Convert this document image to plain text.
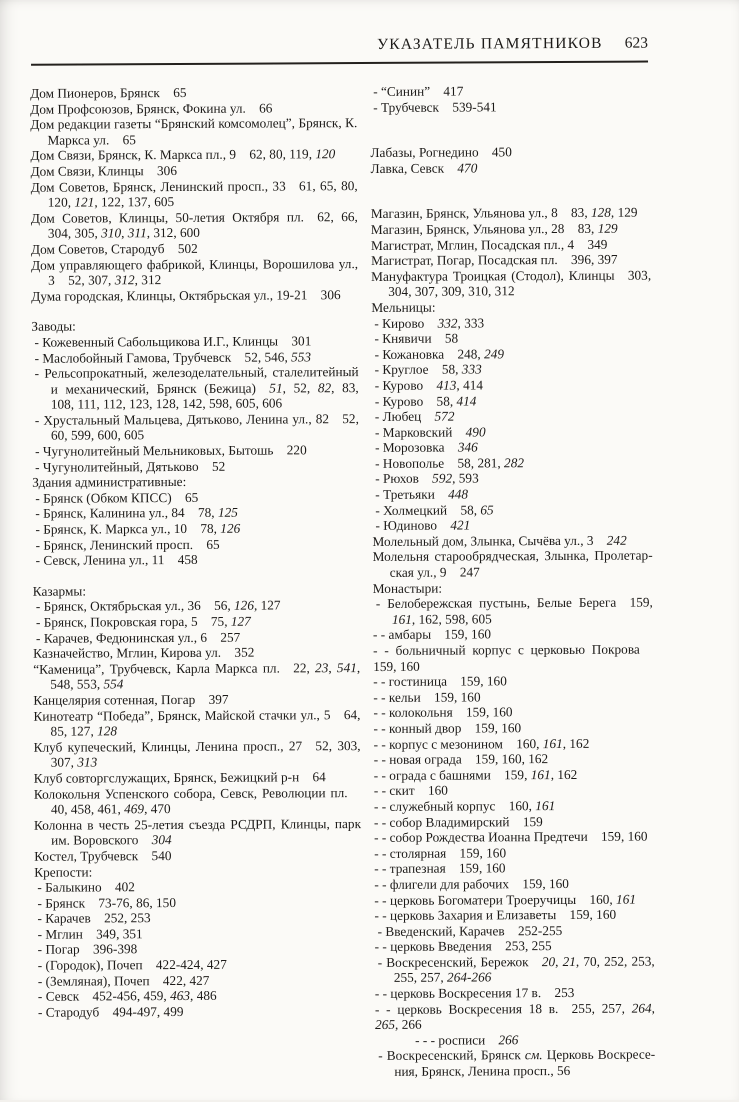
УКАЗАТЕЛЬ ПАМЯТНИКОВ 623
Дом Пионеров, Брянск  65
Дом Профсоюзов, Брянск, Фокина ул.  66
Дом редакции газеты “Брянский комсомолец”, Брянск, К. Маркса ул.  65
Дом Связи, Брянск, К. Маркса пл., 9  62, 80, 119, 120
Дом Связи, Клинцы  306
Дом Советов, Брянск, Ленинский просп., 33  61, 65, 80, 120, 121, 122, 137, 605
Дом Советов, Клинцы, 50-летия Октября пл.  62, 66, 304, 305, 310, 311, 312, 600
Дом Советов, Стародуб  502
Дом управляющего фабрикой, Клинцы, Ворошилова ул., 3  52, 307, 312, 312
Дума городская, Клинцы, Октябрьская ул., 19-21  306
Заводы:
- Кожевенный Сабольщикова И.Г., Клинцы  301
- Маслобойный Гамова, Трубчевск  52, 546, 553
- Рельсопрокатный, железоделательный, сталелитейный и механический, Брянск (Бежица)  51, 52, 82, 83, 108, 111, 112, 123, 128, 142, 598, 605, 606
- Хрустальный Мальцева, Дятьково, Ленина ул., 82  52, 60, 599, 600, 605
- Чугунолитейный Мельниковых, Бытошь  220
- Чугунолитейный, Дятьково  52
Здания административные:
- Брянск (Обком КПСС)  65
- Брянск, Калинина ул., 84  78, 125
- Брянск, К. Маркса ул., 10  78, 126
- Брянск, Ленинский просп.  65
- Севск, Ленина ул., 11  458
Казармы:
- Брянск, Октябрьская ул., 36  56, 126, 127
- Брянск, Покровская гора, 5  75, 127
- Карачев, Федюнинская ул., 6  257
Казначейство, Мглин, Кирова ул.  352
“Каменица”, Трубчевск, Карла Маркса пл.  22, 23, 541, 548, 553, 554
Канцелярия сотенная, Погар  397
Кинотеатр “Победа”, Брянск, Майской стачки ул., 5  64, 85, 127, 128
Клуб купеческий, Клинцы, Ленина просп., 27  52, 303, 307, 313
Клуб совторгслужащих, Брянск, Бежицкий р-н  64
Колокольня Успенского собора, Севск, Революции пл. 40, 458, 461, 469, 470
Колонна в честь 25-летия съезда РСДРП, Клинцы, парк им. Воровского  304
Костел, Трубчевск  540
Крепости:
- Балыкино  402
- Брянск  73-76, 86, 150
- Карачев  252, 253
- Мглин  349, 351
- Погар  396-398
- (Городок), Почеп  422-424, 427
- (Земляная), Почеп  422, 427
- Севск  452-456, 459, 463, 486
- Стародуб  494-497, 499
- “Синин”  417
- Трубчевск  539-541
Лабазы, Рогнедино  450
Лавка, Севск  470
Магазин, Брянск, Ульянова ул., 8  83, 128, 129
Магазин, Брянск, Ульянова ул., 28  83, 129
Магистрат, Мглин, Посадская пл., 4  349
Магистрат, Погар, Посадская пл.  396, 397
Мануфактура Троицкая (Стодол), Клинцы  303, 304, 307, 309, 310, 312
Мельницы:
- Кирово  332, 333
- Княвичи  58
- Кожановка  248, 249
- Круглое  58, 333
- Курово  413, 414
- Курово  58, 414
- Любец  572
- Марковский  490
- Морозовка  346
- Новополье  58, 281, 282
- Рюхов  592, 593
- Третьяки  448
- Холмецкий  58, 65
- Юдиново  421
Молельный дом, Злынка, Сычёва ул., 3  242
Молельня старообрядческая, Злынка, Пролетарская ул., 9  247
Монастыри:
- Белобережская пустынь, Белые Берега  159, 161, 162, 598, 605
- - амбары  159, 160
- - больничный корпус с церковью Покрова 159, 160
- - гостиница  159, 160
- - кельи  159, 160
- - колокольня  159, 160
- - конный двор  159, 160
- - корпус с мезонином  160, 161, 162
- - новая ограда  159, 160, 162
- - ограда с башнями  159, 161, 162
- - скит  160
- - служебный корпус  160, 161
- - собор Владимирский  159
- - собор Рождества Иоанна Предтечи  159, 160
- - столярная  159, 160
- - трапезная  159, 160
- - флигели для рабочих  159, 160
- - церковь Богоматери Троеручицы  160, 161
- - церковь Захария и Елизаветы  159, 160
- Введенский, Карачев  252-255
- - церковь Введения  253, 255
- Воскресенский, Бережок  20, 21, 70, 252, 253, 255, 257, 264-266
- - церковь Воскресения 17 в.  253
- - церковь Воскресения 18 в.  255, 257, 264, 265, 266
- - - росписи  266
- Воскресенский, Брянск см. Церковь Воскресения, Брянск, Ленина просп., 56
